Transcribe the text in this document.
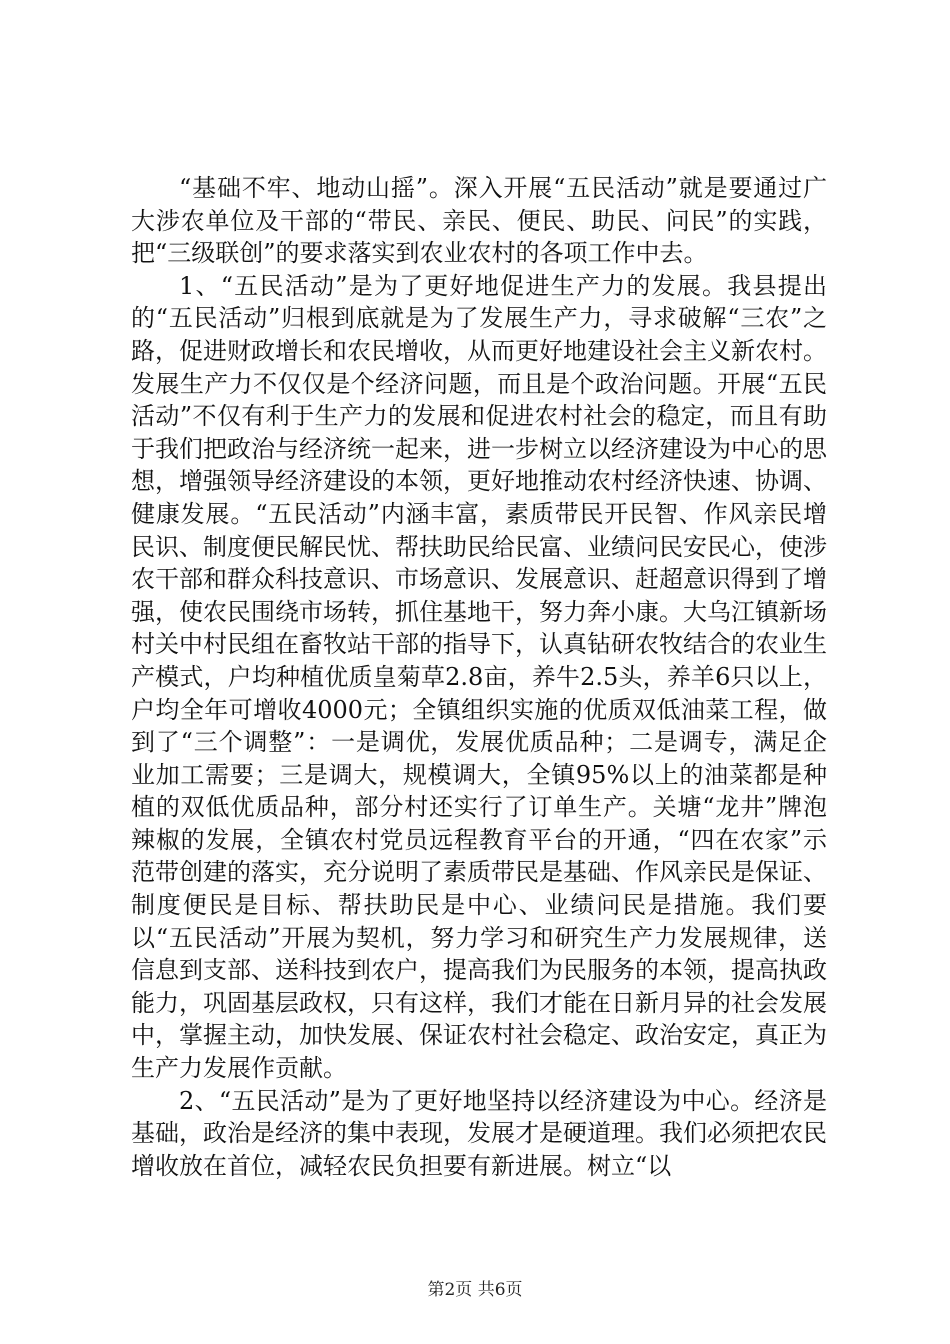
“基础不牢、地动山摇”。深入开展“五民活动”就是要通过广大涉农单位及干部的“带民、亲民、便民、助民、问民”的实践，把“三级联创”的要求落实到农业农村的各项工作中去。

1、“五民活动”是为了更好地促进生产力的发展。我县提出的“五民活动”归根到底就是为了发展生产力，寻求破解“三农”之路，促进财政增长和农民增收，从而更好地建设社会主义新农村。发展生产力不仅仅是个经济问题，而且是个政治问题。开展“五民活动”不仅有利于生产力的发展和促进农村社会的稳定，而且有助于我们把政治与经济统一起来，进一步树立以经济建设为中心的思想，增强领导经济建设的本领，更好地推动农村经济快速、协调、健康发展。“五民活动”内涵丰富，素质带民开民智、作风亲民增民识、制度便民解民忧、帮扶助民给民富、业绩问民安民心，使涉农干部和群众科技意识、市场意识、发展意识、赶超意识得到了增强，使农民围绕市场转，抓住基地干，努力奔小康。大乌江镇新场村关中村民组在畜牧站干部的指导下，认真钻研农牧结合的农业生产模式，户均种植优质皇菊草2.8亩，养牛2.5头，养羊6只以上，户均全年可增收4000元；全镇组织实施的优质双低油菜工程，做到了“三个调整”：一是调优，发展优质品种；二是调专，满足企业加工需要；三是调大，规模调大，全镇95%以上的油菜都是种植的双低优质品种，部分村还实行了订单生产。关塘“龙井”牌泡辣椒的发展，全镇农村党员远程教育平台的开通，“四在农家”示范带创建的落实，充分说明了素质带民是基础、作风亲民是保证、制度便民是目标、帮扶助民是中心、业绩问民是措施。我们要以“五民活动”开展为契机，努力学习和研究生产力发展规律，送信息到支部、送科技到农户，提高我们为民服务的本领，提高执政能力，巩固基层政权，只有这样，我们才能在日新月异的社会发展中，掌握主动，加快发展、保证农村社会稳定、政治安定，真正为生产力发展作贡献。

2、“五民活动”是为了更好地坚持以经济建设为中心。经济是基础，政治是经济的集中表现，发展才是硬道理。我们必须把农民增收放在首位，减轻农民负担要有新进展。树立“以

第2页 共6页
